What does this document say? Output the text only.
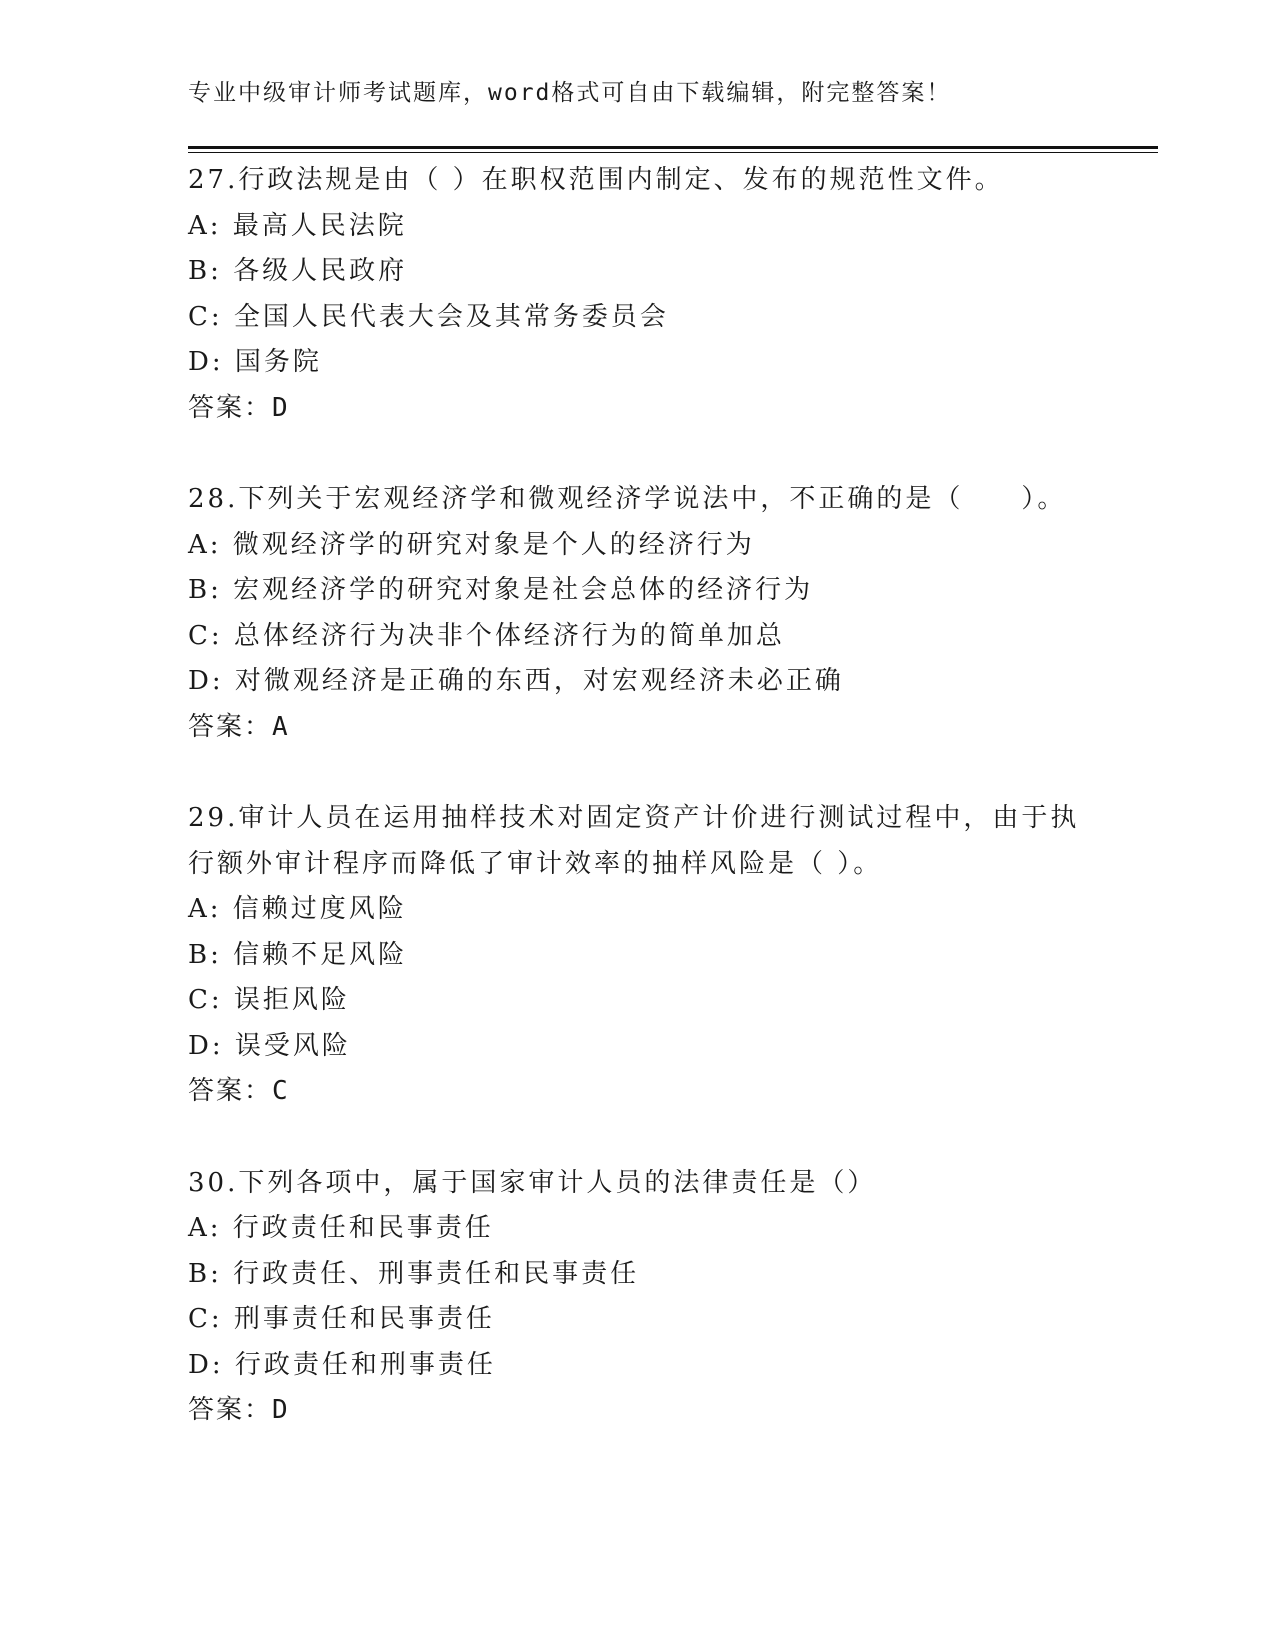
专业中级审计师考试题库，word格式可自由下载编辑，附完整答案！
27.行政法规是由（ ）在职权范围内制定、发布的规范性文件。
A: 最高人民法院
B: 各级人民政府
C: 全国人民代表大会及其常务委员会
D: 国务院
答案：D
28.下列关于宏观经济学和微观经济学说法中，不正确的是（　　）。
A: 微观经济学的研究对象是个人的经济行为
B: 宏观经济学的研究对象是社会总体的经济行为
C: 总体经济行为决非个体经济行为的简单加总
D: 对微观经济是正确的东西，对宏观经济未必正确
答案：A
29.审计人员在运用抽样技术对固定资产计价进行测试过程中，由于执
行额外审计程序而降低了审计效率的抽样风险是（ ）。
A: 信赖过度风险
B: 信赖不足风险
C: 误拒风险
D: 误受风险
答案：C
30.下列各项中，属于国家审计人员的法律责任是（）
A: 行政责任和民事责任
B: 行政责任、刑事责任和民事责任
C: 刑事责任和民事责任
D: 行政责任和刑事责任
答案：D
